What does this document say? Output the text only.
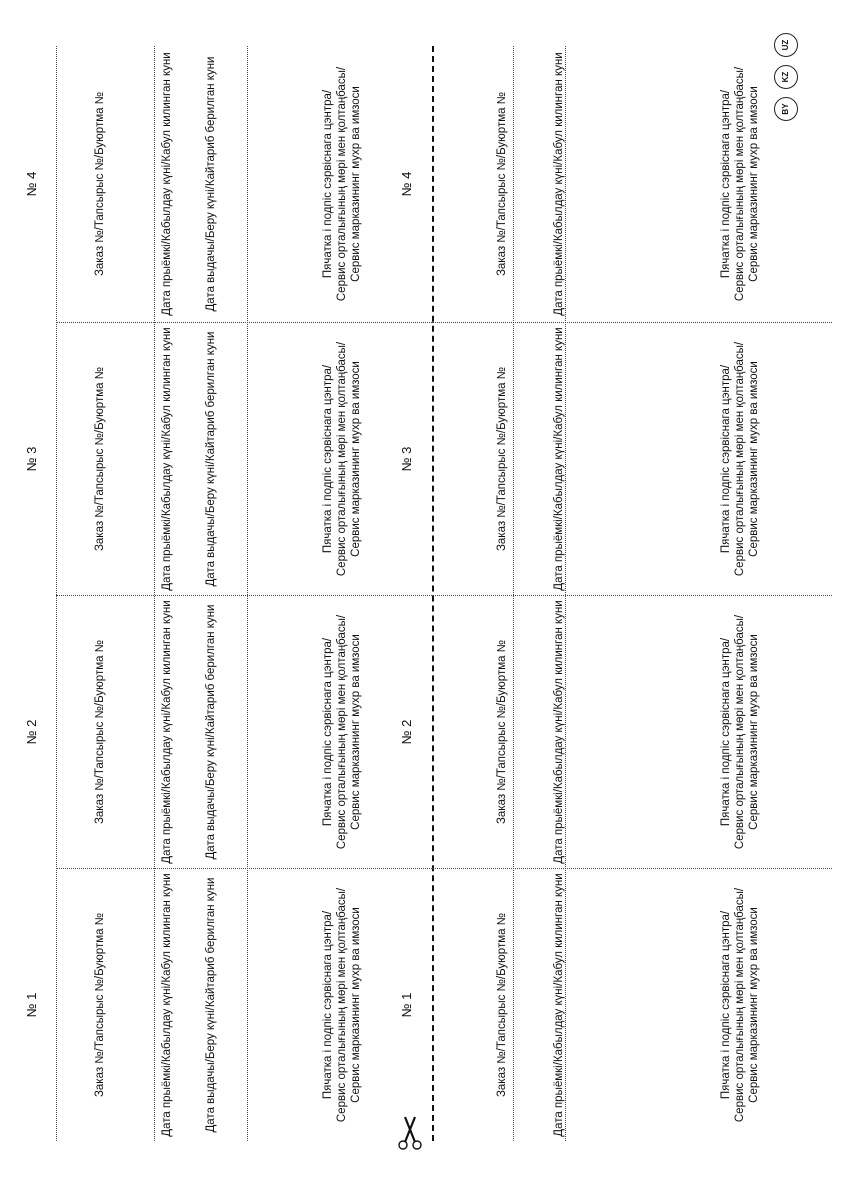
№ 1	Заказ №/Тапсырыс №/Буюртма №	Дата прыёмкі/Кабылдау күні/Кабул килинган куни	Дата выдачы/Беру күні/Кайтариб берилган куни	Пячатка і подпіс сэрвіснага цэнтра/ Сервис орталығының мөрі мен қолтаңбасы/ Сервис марказининг мухр ва имзоси	№ 1	Заказ №/Тапсырыс №/Буюртма №	Дата прыёмкі/Кабылдау күні/Кабул килинган куни	Пячатка і подпіс сэрвіснага цэнтра/ Сервис орталығының мөрі мен қолтаңбасы/ Сервис марказининг мухр ва имзоси
№ 2	Заказ №/Тапсырыс №/Буюртма №	Дата прыёмкі/Кабылдау күні/Кабул килинган куни	Дата выдачы/Беру күні/Кайтариб берилган куни	Пячатка і подпіс сэрвіснага цэнтра/ Сервис орталығының мөрі мен қолтаңбасы/ Сервис марказининг мухр ва имзоси	№ 2	Заказ №/Тапсырыс №/Буюртма №	Дата прыёмкі/Кабылдау күні/Кабул килинган куни	Пячатка і подпіс сэрвіснага цэнтра/ Сервис орталығының мөрі мен қолтаңбасы/ Сервис марказининг мухр ва имзоси
№ 3	Заказ №/Тапсырыс №/Буюртма №	Дата прыёмкі/Кабылдау күні/Кабул килинган куни	Дата выдачы/Беру күні/Кайтариб берилган куни	Пячатка і подпіс сэрвіснага цэнтра/ Сервис орталығының мөрі мен қолтаңбасы/ Сервис марказининг мухр ва имзоси	№ 3	Заказ №/Тапсырыс №/Буюртма №	Дата прыёмкі/Кабылдау күні/Кабул килинган куни	Пячатка і подпіс сэрвіснага цэнтра/ Сервис орталығының мөрі мен қолтаңбасы/ Сервис марказининг мухр ва имзоси
№ 4	Заказ №/Тапсырыс №/Буюртма №	Дата прыёмкі/Кабылдау күні/Кабул килинган куни	Дата выдачы/Беру күні/Кайтариб берилган куни	Пячатка і подпіс сэрвіснага цэнтра/ Сервис орталығының мөрі мен қолтаңбасы/ Сервис марказининг мухр ва имзоси	№ 4	Заказ №/Тапсырыс №/Буюртма №	Дата прыёмкі/Кабылдау күні/Кабул килинган куни	Пячатка і подпіс сэрвіснага цэнтра/ Сервис орталығының мөрі мен қолтаңбасы/ Сервис марказининг мухр ва имзоси	BY
KZ
UZ
